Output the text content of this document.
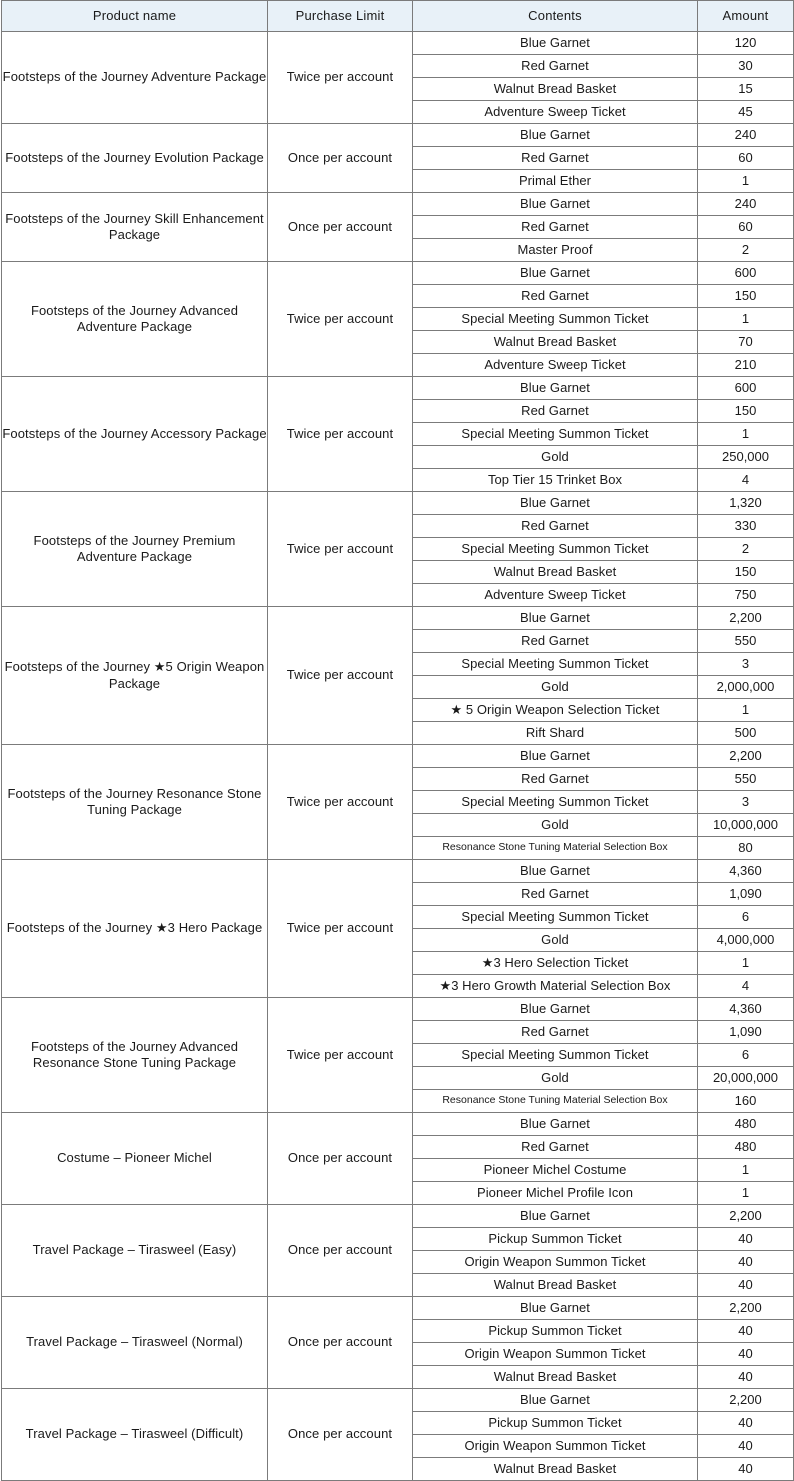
Product name	Purchase Limit	Contents	Amount
Footsteps of the Journey Adventure Package	Twice per account	Blue Garnet	120
		Red Garnet	30
		Walnut Bread Basket	15
		Adventure Sweep Ticket	45
Footsteps of the Journey Evolution Package	Once per account	Blue Garnet	240
		Red Garnet	60
		Primal Ether	1
Footsteps of the Journey Skill Enhancement Package	Once per account	Blue Garnet	240
		Red Garnet	60
		Master Proof	2
Footsteps of the Journey Advanced Adventure Package	Twice per account	Blue Garnet	600
		Red Garnet	150
		Special Meeting Summon Ticket	1
		Walnut Bread Basket	70
		Adventure Sweep Ticket	210
Footsteps of the Journey Accessory Package	Twice per account	Blue Garnet	600
		Red Garnet	150
		Special Meeting Summon Ticket	1
		Gold	250,000
		Top Tier 15 Trinket Box	4
Footsteps of the Journey Premium Adventure Package	Twice per account	Blue Garnet	1,320
		Red Garnet	330
		Special Meeting Summon Ticket	2
		Walnut Bread Basket	150
		Adventure Sweep Ticket	750
Footsteps of the Journey ★5 Origin Weapon Package	Twice per account	Blue Garnet	2,200
		Red Garnet	550
		Special Meeting Summon Ticket	3
		Gold	2,000,000
		★ 5 Origin Weapon Selection Ticket	1
		Rift Shard	500
Footsteps of the Journey Resonance Stone Tuning Package	Twice per account	Blue Garnet	2,200
		Red Garnet	550
		Special Meeting Summon Ticket	3
		Gold	10,000,000
		Resonance Stone Tuning Material Selection Box	80
Footsteps of the Journey ★3 Hero Package	Twice per account	Blue Garnet	4,360
		Red Garnet	1,090
		Special Meeting Summon Ticket	6
		Gold	4,000,000
		★3 Hero Selection Ticket	1
		★3 Hero Growth Material Selection Box	4
Footsteps of the Journey Advanced Resonance Stone Tuning Package	Twice per account	Blue Garnet	4,360
		Red Garnet	1,090
		Special Meeting Summon Ticket	6
		Gold	20,000,000
		Resonance Stone Tuning Material Selection Box	160
Costume – Pioneer Michel	Once per account	Blue Garnet	480
		Red Garnet	480
		Pioneer Michel Costume	1
		Pioneer Michel Profile Icon	1
Travel Package – Tirasweel (Easy)	Once per account	Blue Garnet	2,200
		Pickup Summon Ticket	40
		Origin Weapon Summon Ticket	40
		Walnut Bread Basket	40
Travel Package – Tirasweel (Normal)	Once per account	Blue Garnet	2,200
		Pickup Summon Ticket	40
		Origin Weapon Summon Ticket	40
		Walnut Bread Basket	40
Travel Package – Tirasweel (Difficult)	Once per account	Blue Garnet	2,200
		Pickup Summon Ticket	40
		Origin Weapon Summon Ticket	40
		Walnut Bread Basket	40
